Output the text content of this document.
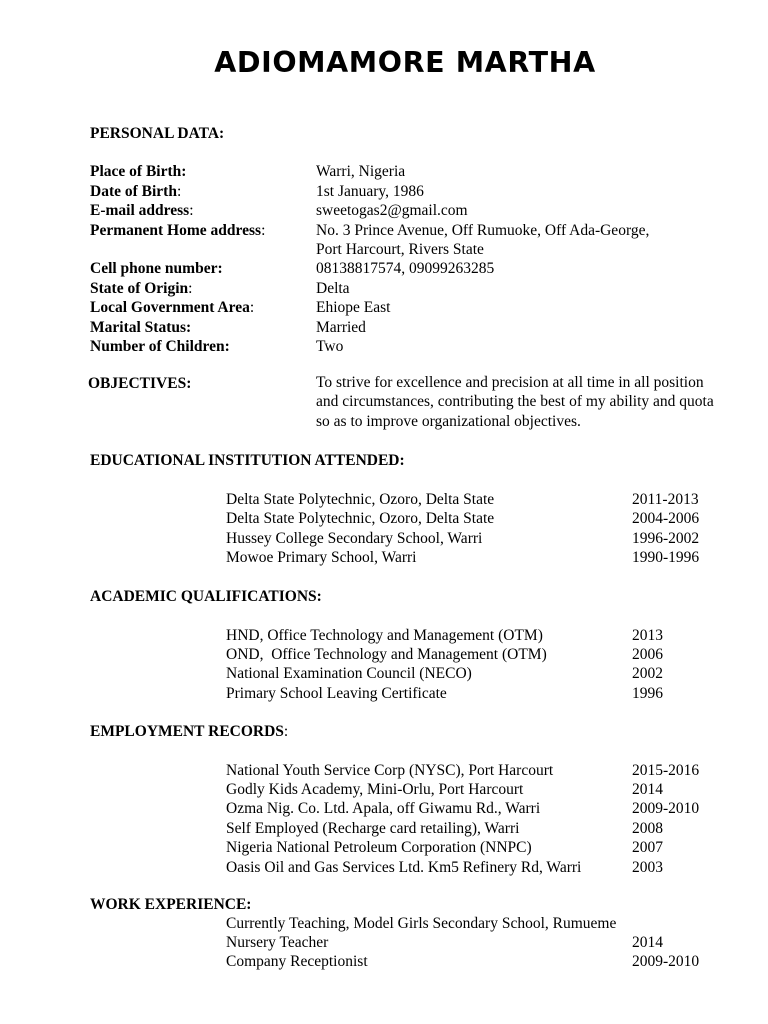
ADIOMAMORE MARTHA
PERSONAL DATA:
Place of Birth:	Warri, Nigeria
Date of Birth:	1st January, 1986
E-mail address:	sweetogas2@gmail.com
Permanent Home address:	No. 3 Prince Avenue, Off Rumuoke, Off Ada-George,
Port Harcourt, Rivers State
Cell phone number:	08138817574, 09099263285
State of Origin:	Delta
Local Government Area:	Ehiope East
Marital Status:	Married
Number of Children:	Two
OBJECTIVES:	To strive for excellence and precision at all time in all position and circumstances, contributing the best of my ability and quota so as to improve organizational objectives.
EDUCATIONAL INSTITUTION ATTENDED:
Delta State Polytechnic, Ozoro, Delta State	2011-2013
Delta State Polytechnic, Ozoro, Delta State	2004-2006
Hussey College Secondary School, Warri	1996-2002
Mowoe Primary School, Warri	1990-1996
ACADEMIC QUALIFICATIONS:
HND, Office Technology and Management (OTM)	2013
OND,  Office Technology and Management (OTM)	2006
National Examination Council (NECO)	2002
Primary School Leaving Certificate	1996
EMPLOYMENT RECORDS:
National Youth Service Corp (NYSC), Port Harcourt	2015-2016
Godly Kids Academy, Mini-Orlu, Port Harcourt	2014
Ozma Nig. Co. Ltd. Apala, off Giwamu Rd., Warri	2009-2010
Self Employed (Recharge card retailing), Warri	2008
Nigeria National Petroleum Corporation (NNPC)	2007
Oasis Oil and Gas Services Ltd. Km5 Refinery Rd, Warri	2003
WORK EXPERIENCE:
Currently Teaching, Model Girls Secondary School, Rumueme
Nursery Teacher	2014
Company Receptionist	2009-2010
